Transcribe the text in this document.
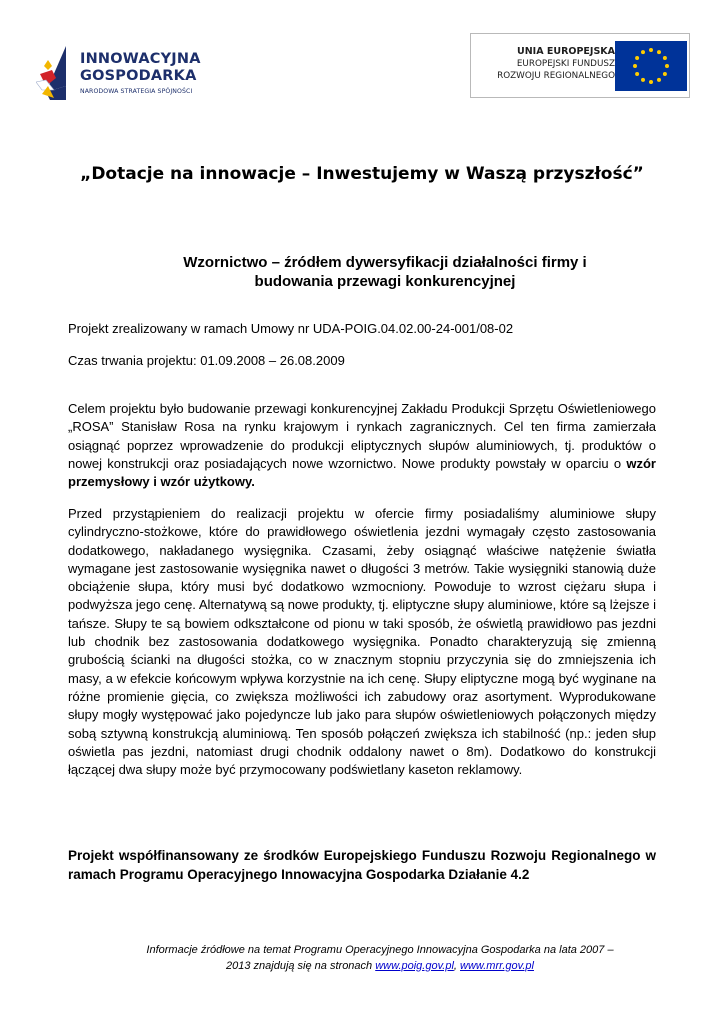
INNOWACYJNA
GOSPODARKA
NARODOWA STRATEGIA SPÓJNOŚCI
UNIA EUROPEJSKA
EUROPEJSKI FUNDUSZ
ROZWOJU REGIONALNEGO
„Dotacje na innowacje – Inwestujemy w Waszą przyszłość”
Wzornictwo – źródłem dywersyfikacji działalności firmy i
budowania przewagi konkurencyjnej
Projekt zrealizowany w ramach Umowy nr UDA-POIG.04.02.00-24-001/08-02
Czas trwania projektu: 01.09.2008 – 26.08.2009
Celem projektu było budowanie przewagi konkurencyjnej Zakładu Produkcji Sprzętu Oświetleniowego „ROSA” Stanisław Rosa na rynku krajowym i rynkach zagranicznych. Cel ten firma zamierzała osiągnąć poprzez wprowadzenie do produkcji eliptycznych słupów aluminiowych, tj. produktów o nowej konstrukcji oraz posiadających nowe wzornictwo. Nowe produkty powstały w oparciu o wzór przemysłowy i wzór użytkowy.
Przed przystąpieniem do realizacji projektu w ofercie firmy posiadaliśmy aluminiowe słupy cylindryczno-stożkowe, które do prawidłowego oświetlenia jezdni wymagały często zastosowania dodatkowego, nakładanego wysięgnika. Czasami, żeby osiągnąć właściwe natężenie światła wymagane jest zastosowanie wysięgnika nawet o długości 3 metrów. Takie wysięgniki stanowią duże obciążenie słupa, który musi być dodatkowo wzmocniony. Powoduje to wzrost ciężaru słupa i podwyższa jego cenę. Alternatywą są nowe produkty, tj. eliptyczne słupy aluminiowe, które są lżejsze i tańsze. Słupy te są bowiem odkształcone od pionu w taki sposób, że oświetlą prawidłowo pas jezdni lub chodnik bez zastosowania dodatkowego wysięgnika. Ponadto charakteryzują się zmienną grubością ścianki na długości stożka, co w znacznym stopniu przyczynia się do zmniejszenia ich masy, a w efekcie końcowym wpływa korzystnie na ich cenę. Słupy eliptyczne mogą być wyginane na różne promienie gięcia, co zwiększa możliwości ich zabudowy oraz asortyment. Wyprodukowane słupy mogły występować jako pojedyncze lub jako para słupów oświetleniowych połączonych między sobą sztywną konstrukcją aluminiową. Ten sposób połączeń zwiększa ich stabilność (np.: jeden słup oświetla pas jezdni, natomiast drugi chodnik oddalony nawet o 8m). Dodatkowo do konstrukcji łączącej dwa słupy może być przymocowany podświetlany kaseton reklamowy.
Projekt współfinansowany ze środków Europejskiego Funduszu Rozwoju Regionalnego w ramach Programu Operacyjnego Innowacyjna Gospodarka Działanie 4.2
Informacje źródłowe na temat Programu Operacyjnego Innowacyjna Gospodarka na lata 2007 –
2013 znajdują się na stronach www.poig.gov.pl, www.mrr.gov.pl
